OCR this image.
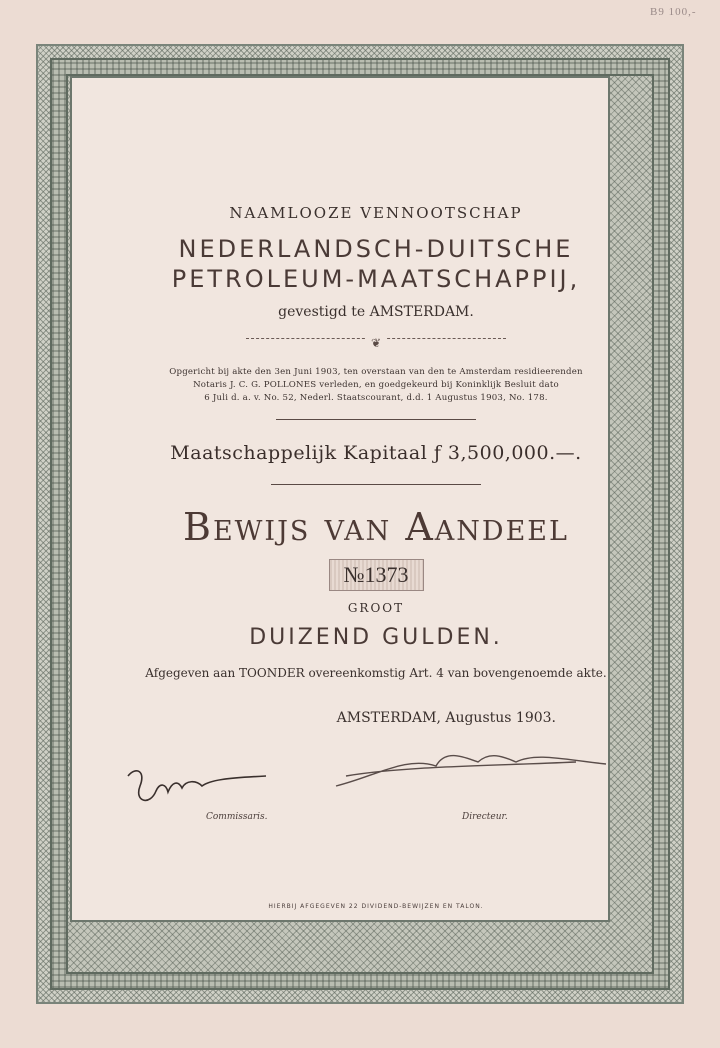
B9 100,-
NAAMLOOZE VENNOOTSCHAP
NEDERLANDSCH-DUITSCHE
PETROLEUM-MAATSCHAPPIJ,
gevestigd te AMSTERDAM.
❦
Opgericht bij akte den 3en Juni 1903, ten overstaan van den te Amsterdam residieerenden
Notaris J. C. G. POLLONES verleden, en goedgekeurd bij Koninklijk Besluit dato
6 Juli d. a. v. No. 52, Nederl. Staatscourant, d.d. 1 Augustus 1903, No. 178.
Maatschappelijk Kapitaal ƒ 3,500,000.—.
Bewijs van Aandeel
№1373
GROOT
DUIZEND GULDEN.
Afgegeven aan TOONDER overeenkomstig Art. 4 van bovengenoemde akte.
AMSTERDAM, Augustus 1903.
Commissaris.	Directeur.
HIERBIJ AFGEGEVEN 22 DIVIDEND-BEWIJZEN EN TALON.
